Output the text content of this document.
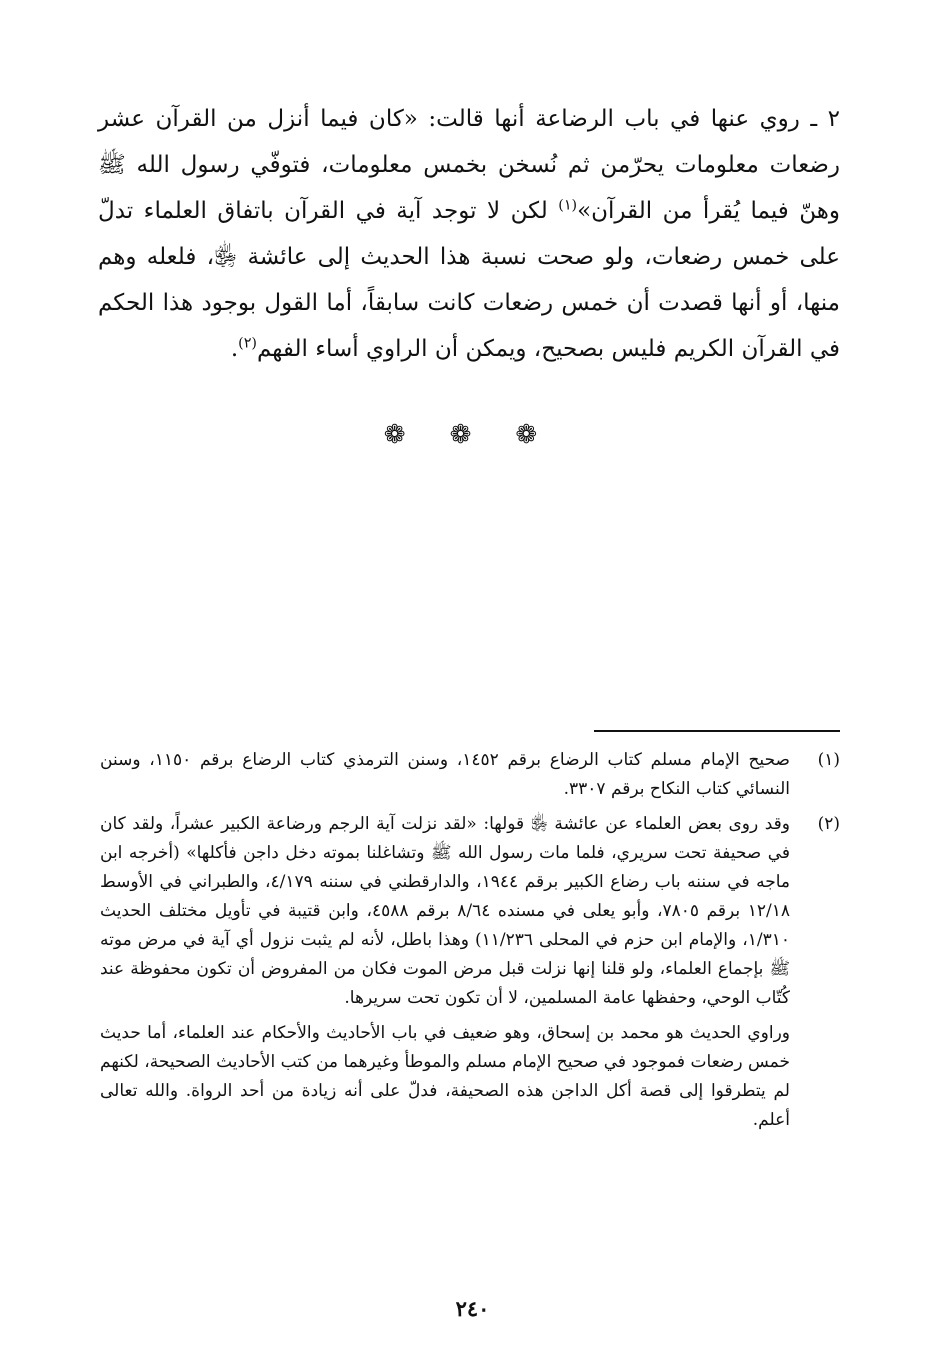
٢ ـ روي عنها في باب الرضاعة أنها قالت: «كان فيما أنزل من القرآن عشر رضعات معلومات يحرّمن ثم نُسخن بخمس معلومات، فتوفّي رسول الله ﷺ وهنّ فيما يُقرأ من القرآن»$^{(١)}$ لكن لا توجد آية في القرآن باتفاق العلماء تدلّ على خمس رضعات، ولو صحت نسبة هذا الحديث إلى عائشة ﵂، فلعله وهم منها، أو أنها قصدت أن خمس رضعات كانت سابقاً، أما القول بوجود هذا الحكم في القرآن الكريم فليس بصحيح، ويمكن أن الراوي أساء الفهم$^{(٢)}$.

❁ ❁ ❁
(١)
صحيح الإمام مسلم كتاب الرضاع برقم ١٤٥٢، وسنن الترمذي كتاب الرضاع برقم ١١٥٠، وسنن النسائي كتاب النكاح برقم ٣٣٠٧.
(٢)
وقد روى بعض العلماء عن عائشة ﵂ قولها: «لقد نزلت آية الرجم ورضاعة الكبير عشراً، ولقد كان في صحيفة تحت سريري، فلما مات رسول الله ﷺ وتشاغلنا بموته دخل داجن فأكلها» (أخرجه ابن ماجه في سننه باب رضاع الكبير برقم ١٩٤٤، والدارقطني في سننه ٤/١٧٩، والطبراني في الأوسط ١٢/١٨ برقم ٧٨٠٥، وأبو يعلى في مسنده ٨/٦٤ برقم ٤٥٨٨، وابن قتيبة في تأويل مختلف الحديث ١/٣١٠، والإمام ابن حزم في المحلى ١١/٢٣٦) وهذا باطل، لأنه لم يثبت نزول أي آية في مرض موته ﷺ بإجماع العلماء، ولو قلنا إنها نزلت قبل مرض الموت فكان من المفروض أن تكون محفوظة عند كُتّاب الوحي، وحفظها عامة المسلمين، لا أن تكون تحت سريرها.
وراوي الحديث هو محمد بن إسحاق، وهو ضعيف في باب الأحاديث والأحكام عند العلماء، أما حديث خمس رضعات فموجود في صحيح الإمام مسلم والموطأ وغيرهما من كتب الأحاديث الصحيحة، لكنهم لم يتطرقوا إلى قصة أكل الداجن هذه الصحيفة، فدلّ على أنه زيادة من أحد الرواة. والله تعالى أعلم.
٢٤٠
